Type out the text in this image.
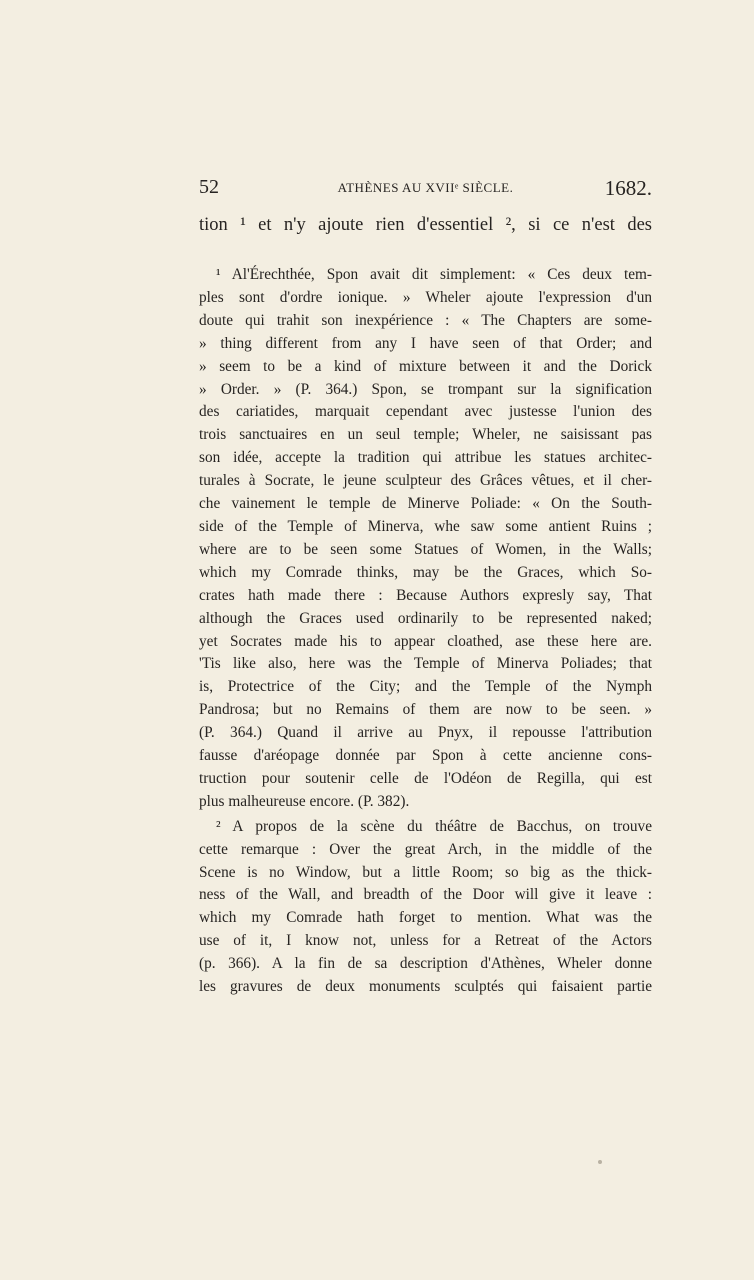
52	ATHÈNES AU XVIIᵉ SIÈCLE.	1682.
tion ¹ et n'y ajoute rien d'essentiel ², si ce n'est des
¹ Al'Érechthée, Spon avait dit simplement: « Ces deux tem-
ples sont d'ordre ionique. » Wheler ajoute l'expression d'un
doute qui trahit son inexpérience : « The Chapters are some-
» thing different from any I have seen of that Order; and
» seem to be a kind of mixture between it and the Dorick
» Order. » (P. 364.) Spon, se trompant sur la signification
des cariatides, marquait cependant avec justesse l'union des
trois sanctuaires en un seul temple; Wheler, ne saisissant pas
son idée, accepte la tradition qui attribue les statues architec-
turales à Socrate, le jeune sculpteur des Grâces vêtues, et il cher-
che vainement le temple de Minerve Poliade: « On the South-
side of the Temple of Minerva, whe saw some antient Ruins ;
where are to be seen some Statues of Women, in the Walls;
which my Comrade thinks, may be the Graces, which So-
crates hath made there : Because Authors expresly say, That
although the Graces used ordinarily to be represented naked;
yet Socrates made his to appear cloathed, ase these here are.
'Tis like also, here was the Temple of Minerva Poliades; that
is, Protectrice of the City; and the Temple of the Nymph
Pandrosa; but no Remains of them are now to be seen. »
(P. 364.) Quand il arrive au Pnyx, il repousse l'attribution
fausse d'aréopage donnée par Spon à cette ancienne cons-
truction pour soutenir celle de l'Odéon de Regilla, qui est
plus malheureuse encore. (P. 382).
² A propos de la scène du théâtre de Bacchus, on trouve
cette remarque : Over the great Arch, in the middle of the
Scene is no Window, but a little Room; so big as the thick-
ness of the Wall, and breadth of the Door will give it leave :
which my Comrade hath forget to mention. What was the
use of it, I know not, unless for a Retreat of the Actors
(p. 366). A la fin de sa description d'Athènes, Wheler donne
les gravures de deux monuments sculptés qui faisaient partie
